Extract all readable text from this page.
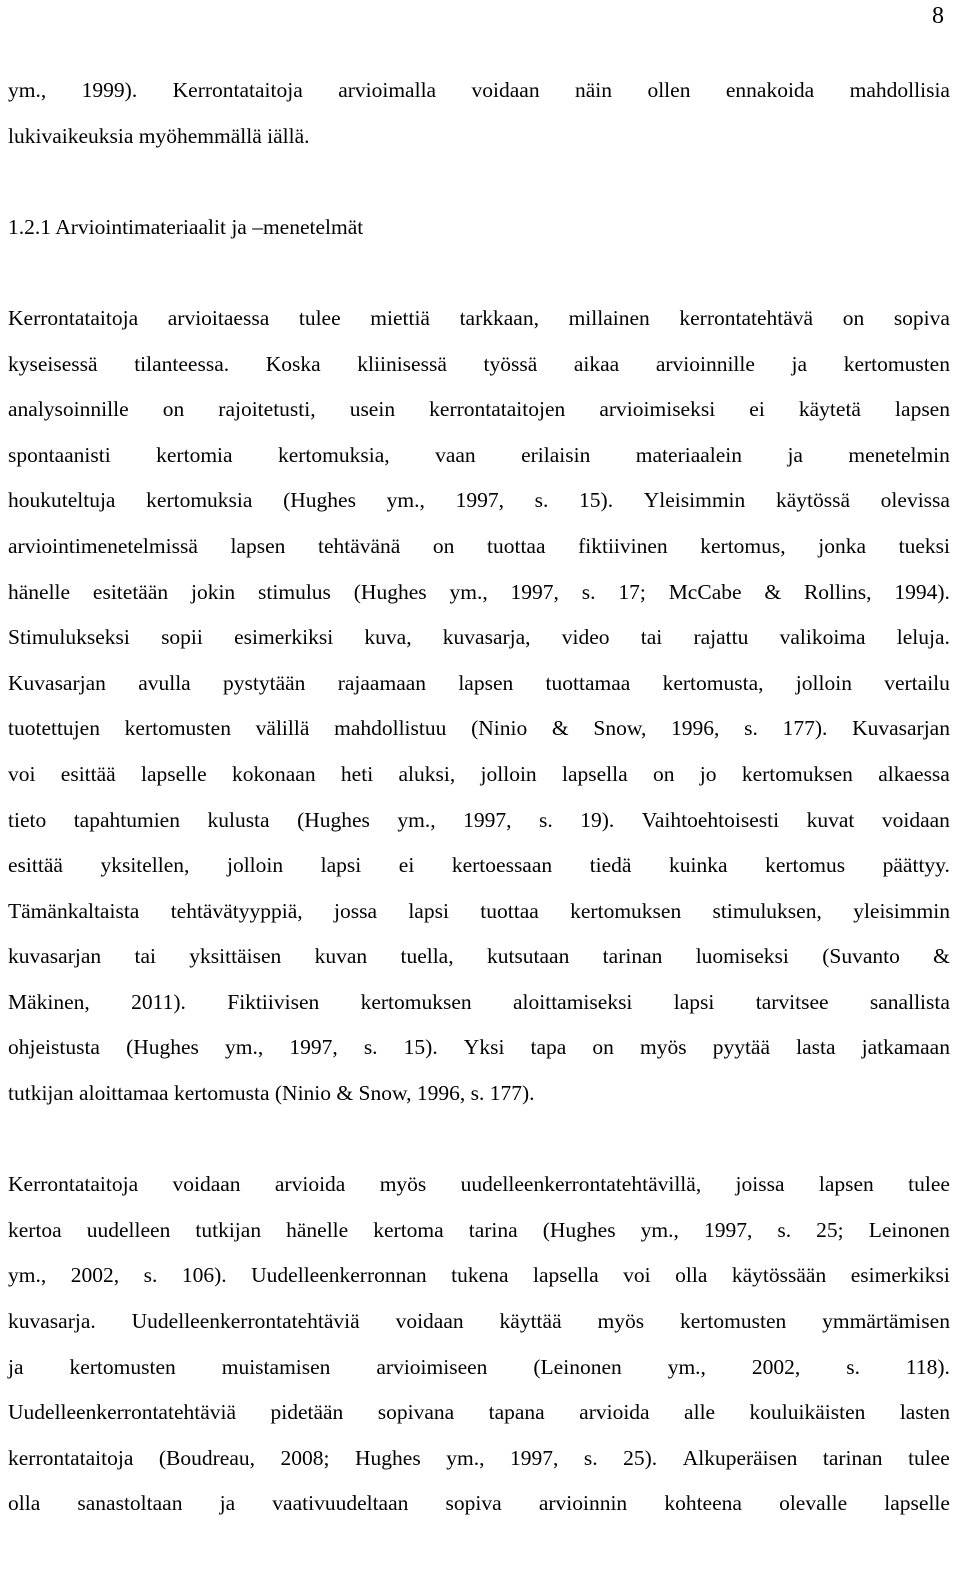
8
ym., 1999). Kerrontataitoja arvioimalla voidaan näin ollen ennakoida mahdollisia
lukivaikeuksia myöhemmällä iällä.
1.2.1 Arviointimateriaalit ja –menetelmät
Kerrontataitoja arvioitaessa tulee miettiä tarkkaan, millainen kerrontatehtävä on sopiva
kyseisessä tilanteessa. Koska kliinisessä työssä aikaa arvioinnille ja kertomusten
analysoinnille on rajoitetusti, usein kerrontataitojen arvioimiseksi ei käytetä lapsen
spontaanisti kertomia kertomuksia, vaan erilaisin materiaalein ja menetelmin
houkuteltuja kertomuksia (Hughes ym., 1997, s. 15). Yleisimmin käytössä olevissa
arviointimenetelmissä lapsen tehtävänä on tuottaa fiktiivinen kertomus, jonka tueksi
hänelle esitetään jokin stimulus (Hughes ym., 1997, s. 17; McCabe & Rollins, 1994).
Stimulukseksi sopii esimerkiksi kuva, kuvasarja, video tai rajattu valikoima leluja.
Kuvasarjan avulla pystytään rajaamaan lapsen tuottamaa kertomusta, jolloin vertailu
tuotettujen kertomusten välillä mahdollistuu (Ninio & Snow, 1996, s. 177). Kuvasarjan
voi esittää lapselle kokonaan heti aluksi, jolloin lapsella on jo kertomuksen alkaessa
tieto tapahtumien kulusta (Hughes ym., 1997, s. 19). Vaihtoehtoisesti kuvat voidaan
esittää yksitellen, jolloin lapsi ei kertoessaan tiedä kuinka kertomus päättyy.
Tämänkaltaista tehtävätyyppiä, jossa lapsi tuottaa kertomuksen stimuluksen, yleisimmin
kuvasarjan tai yksittäisen kuvan tuella, kutsutaan tarinan luomiseksi (Suvanto &
Mäkinen, 2011). Fiktiivisen kertomuksen aloittamiseksi lapsi tarvitsee sanallista
ohjeistusta (Hughes ym., 1997, s. 15). Yksi tapa on myös pyytää lasta jatkamaan
tutkijan aloittamaa kertomusta (Ninio & Snow, 1996, s. 177).
Kerrontataitoja voidaan arvioida myös uudelleenkerrontatehtävillä, joissa lapsen tulee
kertoa uudelleen tutkijan hänelle kertoma tarina (Hughes ym., 1997, s. 25; Leinonen
ym., 2002, s. 106). Uudelleenkerronnan tukena lapsella voi olla käytössään esimerkiksi
kuvasarja. Uudelleenkerrontatehtäviä voidaan käyttää myös kertomusten ymmärtämisen
ja kertomusten muistamisen arvioimiseen (Leinonen ym., 2002, s. 118).
Uudelleenkerrontatehtäviä pidetään sopivana tapana arvioida alle kouluikäisten lasten
kerrontataitoja (Boudreau, 2008; Hughes ym., 1997, s. 25). Alkuperäisen tarinan tulee
olla sanastoltaan ja vaativuudeltaan sopiva arvioinnin kohteena olevalle lapselle
